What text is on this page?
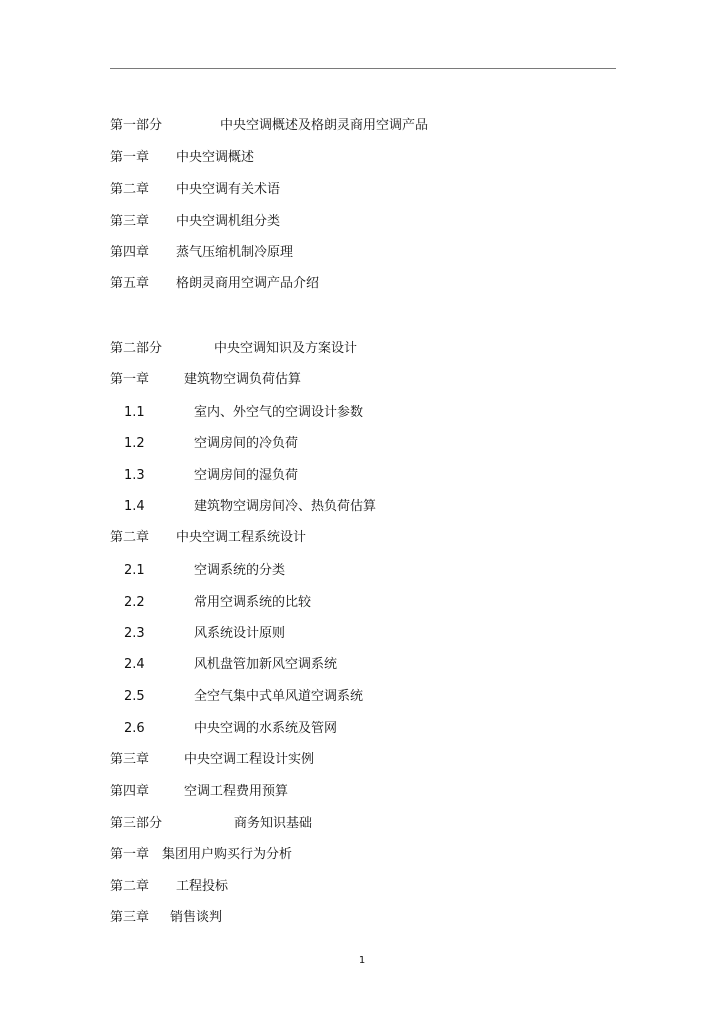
第一部分	中央空调概述及格朗灵商用空调产品
第一章 中央空调概述
第二章 中央空调有关术语
第三章 中央空调机组分类
第四章 蒸气压缩机制冷原理
第五章 格朗灵商用空调产品介绍
第二部分	中央空调知识及方案设计
第一章	建筑物空调负荷估算
1.1	室内、外空气的空调设计参数
1.2	空调房间的冷负荷
1.3	空调房间的湿负荷
1.4	建筑物空调房间冷、热负荷估算
第二章 中央空调工程系统设计
2.1	空调系统的分类
2.2	常用空调系统的比较
2.3	风系统设计原则
2.4	风机盘管加新风空调系统
2.5	全空气集中式单风道空调系统
2.6	中央空调的水系统及管网
第三章	中央空调工程设计实例
第四章	空调工程费用预算
第三部分	商务知识基础
第一章 集团用户购买行为分析
第二章 工程投标
第三章 销售谈判
1
